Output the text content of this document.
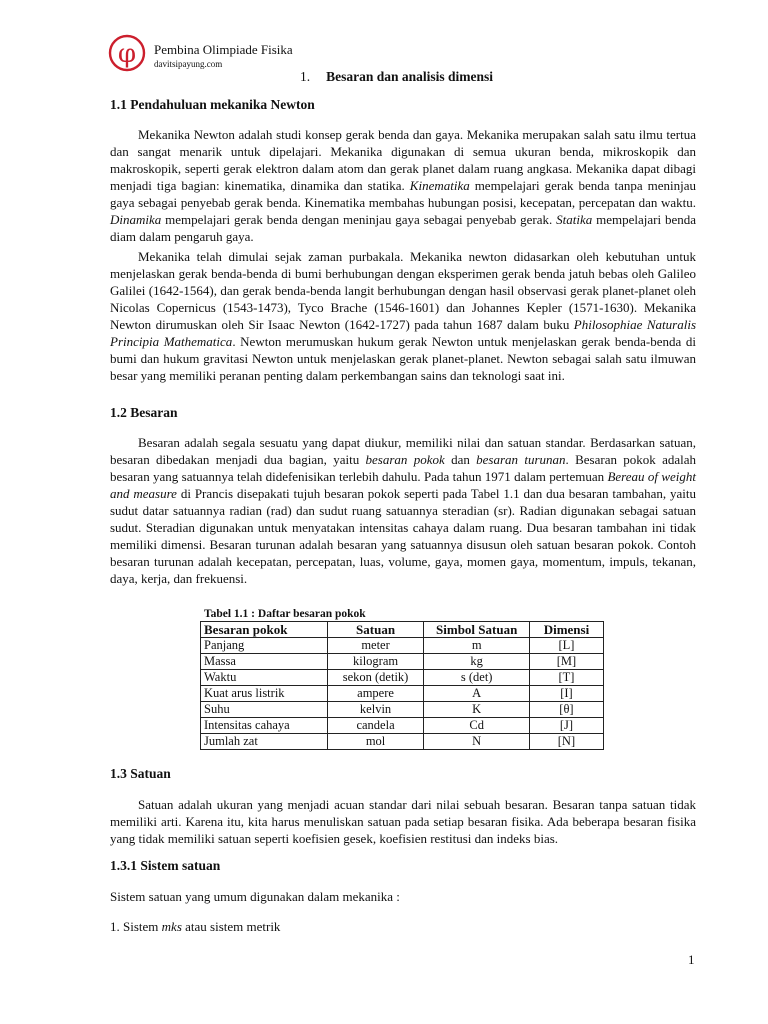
φ Pembina Olimpiade Fisika
davitsipayung.com
1. Besaran dan analisis dimensi
1.1 Pendahuluan mekanika Newton

Mekanika Newton adalah studi konsep gerak benda dan gaya. Mekanika merupakan salah satu ilmu tertua dan sangat menarik untuk dipelajari. Mekanika digunakan di semua ukuran benda, mikroskopik dan makroskopik, seperti gerak elektron dalam atom dan gerak planet dalam ruang angkasa. Mekanika dapat dibagi menjadi tiga bagian: kinematika, dinamika dan statika. Kinematika mempelajari gerak benda tanpa meninjau gaya sebagai penyebab gerak benda. Kinematika membahas hubungan posisi, kecepatan, percepatan dan waktu. Dinamika mempelajari gerak benda dengan meninjau gaya sebagai penyebab gerak. Statika mempelajari benda diam dalam pengaruh gaya.

Mekanika telah dimulai sejak zaman purbakala. Mekanika newton didasarkan oleh kebutuhan untuk menjelaskan gerak benda-benda di bumi berhubungan dengan eksperimen gerak benda jatuh bebas oleh Galileo Galilei (1642-1564), dan gerak benda-benda langit berhubungan dengan hasil observasi gerak planet-planet oleh Nicolas Copernicus (1543-1473), Tyco Brache (1546-1601) dan Johannes Kepler (1571-1630). Mekanika Newton dirumuskan oleh Sir Isaac Newton (1642-1727) pada tahun 1687 dalam buku Philosophiae Naturalis Principia Mathematica. Newton merumuskan hukum gerak Newton untuk menjelaskan gerak benda-benda di bumi dan hukum gravitasi Newton untuk menjelaskan gerak planet-planet. Newton sebagai salah satu ilmuwan besar yang memiliki peranan penting dalam perkembangan sains dan teknologi saat ini.

1.2 Besaran

Besaran adalah segala sesuatu yang dapat diukur, memiliki nilai dan satuan standar. Berdasarkan satuan, besaran dibedakan menjadi dua bagian, yaitu besaran pokok dan besaran turunan. Besaran pokok adalah besaran yang satuannya telah didefenisikan terlebih dahulu. Pada tahun 1971 dalam pertemuan Bereau of weight and measure di Prancis disepakati tujuh besaran pokok seperti pada Tabel 1.1 dan dua besaran tambahan, yaitu sudut datar satuannya radian (rad) dan sudut ruang satuannya steradian (sr). Radian digunakan sebagai satuan sudut. Steradian digunakan untuk menyatakan intensitas cahaya dalam ruang. Dua besaran tambahan ini tidak memiliki dimensi. Besaran turunan adalah besaran yang satuannya disusun oleh satuan besaran pokok. Contoh besaran turunan adalah kecepatan, percepatan, luas, volume, gaya, momen gaya, momentum, impuls, tekanan, daya, kerja, dan frekuensi.

Tabel 1.1 : Daftar besaran pokok
Besaran pokok	Satuan	Simbol Satuan	Dimensi
Panjang	meter	m	[L]
Massa	kilogram	kg	[M]
Waktu	sekon (detik)	s (det)	[T]
Kuat arus listrik	ampere	A	[I]
Suhu	kelvin	K	[θ]
Intensitas cahaya	candela	Cd	[J]
Jumlah zat	mol	N	[N]
1.3 Satuan

Satuan adalah ukuran yang menjadi acuan standar dari nilai sebuah besaran. Besaran tanpa satuan tidak memiliki arti. Karena itu, kita harus menuliskan satuan pada setiap besaran fisika. Ada beberapa besaran fisika yang tidak memiliki satuan seperti koefisien gesek, koefisien restitusi dan indeks bias.

1.3.1 Sistem satuan

Sistem satuan yang umum digunakan dalam mekanika :

1. Sistem mks atau sistem metrik

1
